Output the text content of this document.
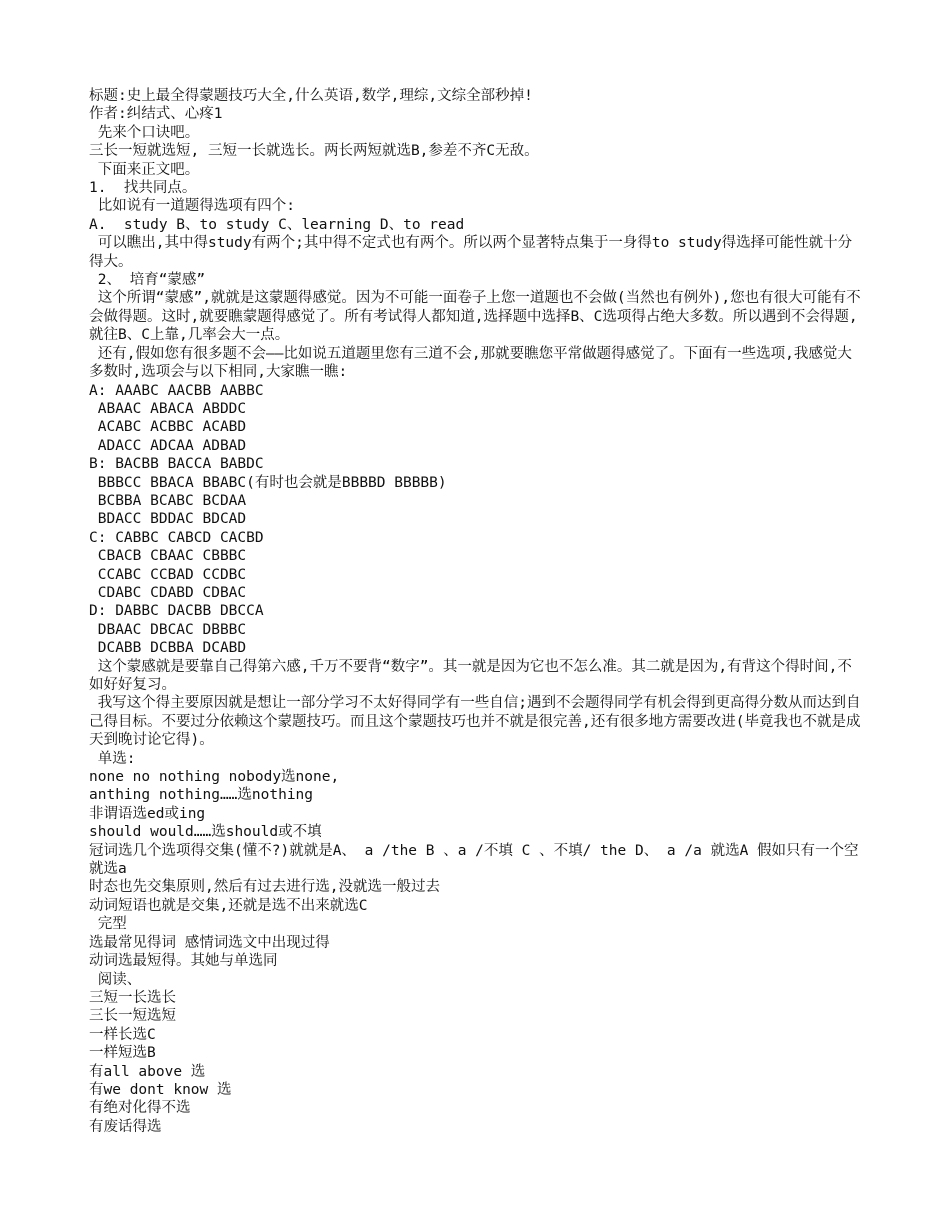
标题:史上最全得蒙题技巧大全,什么英语,数学,理综,文综全部秒掉!

作者:纠结式、心疼1

先来个口诀吧。

三长一短就选短, 三短一长就选长。两长两短就选B,参差不齐C无敌。

下面来正文吧。

1.  找共同点。

比如说有一道题得选项有四个:

A.  study B、to study C、learning D、to read

可以瞧出,其中得study有两个;其中得不定式也有两个。所以两个显著特点集于一身得to study得选择可能性就十分得大。

2、 培育“蒙感”

这个所谓“蒙感”,就就是这蒙题得感觉。因为不可能一面卷子上您一道题也不会做(当然也有例外),您也有很大可能有不会做得题。这时,就要瞧蒙题得感觉了。所有考试得人都知道,选择题中选择B、C选项得占绝大多数。所以遇到不会得题,就往B、C上靠,几率会大一点。

还有,假如您有很多题不会——比如说五道题里您有三道不会,那就要瞧您平常做题得感觉了。下面有一些选项,我感觉大多数时,选项会与以下相同,大家瞧一瞧:

A: AAABC AACBB AABBC

ABAAC ABACA ABDDC

ACABC ACBBC ACABD

ADACC ADCAA ADBAD

B: BACBB BACCA BABDC

BBBCC BBACA BBABC(有时也会就是BBBBD BBBBB)

BCBBA BCABC BCDAA

BDACC BDDAC BDCAD

C: CABBC CABCD CACBD

CBACB CBAAC CBBBC

CCABC CCBAD CCDBC

CDABC CDABD CDBAC

D: DABBC DACBB DBCCA

DBAAC DBCAC DBBBC

DCABB DCBBA DCABD

这个蒙感就是要靠自己得第六感,千万不要背“数字”。其一就是因为它也不怎么准。其二就是因为,有背这个得时间,不如好好复习。

我写这个得主要原因就是想让一部分学习不太好得同学有一些自信;遇到不会题得同学有机会得到更高得分数从而达到自己得目标。不要过分依赖这个蒙题技巧。而且这个蒙题技巧也并不就是很完善,还有很多地方需要改进(毕竟我也不就是成天到晚讨论它得)。

单选:

none no nothing nobody选none,

anthing nothing……选nothing

非谓语选ed或ing

should would……选should或不填

冠词选几个选项得交集(懂不?)就就是A、 a /the B 、a /不填 C 、不填/ the D、 a /a 就选A 假如只有一个空就选a

时态也先交集原则,然后有过去进行选,没就选一般过去

动词短语也就是交集,还就是选不出来就选C

完型

选最常见得词 感情词选文中出现过得

动词选最短得。其她与单选同

阅读、

三短一长选长

三长一短选短

一样长选C

一样短选B

有all above 选

有we dont know 选

有绝对化得不选

有废话得选
